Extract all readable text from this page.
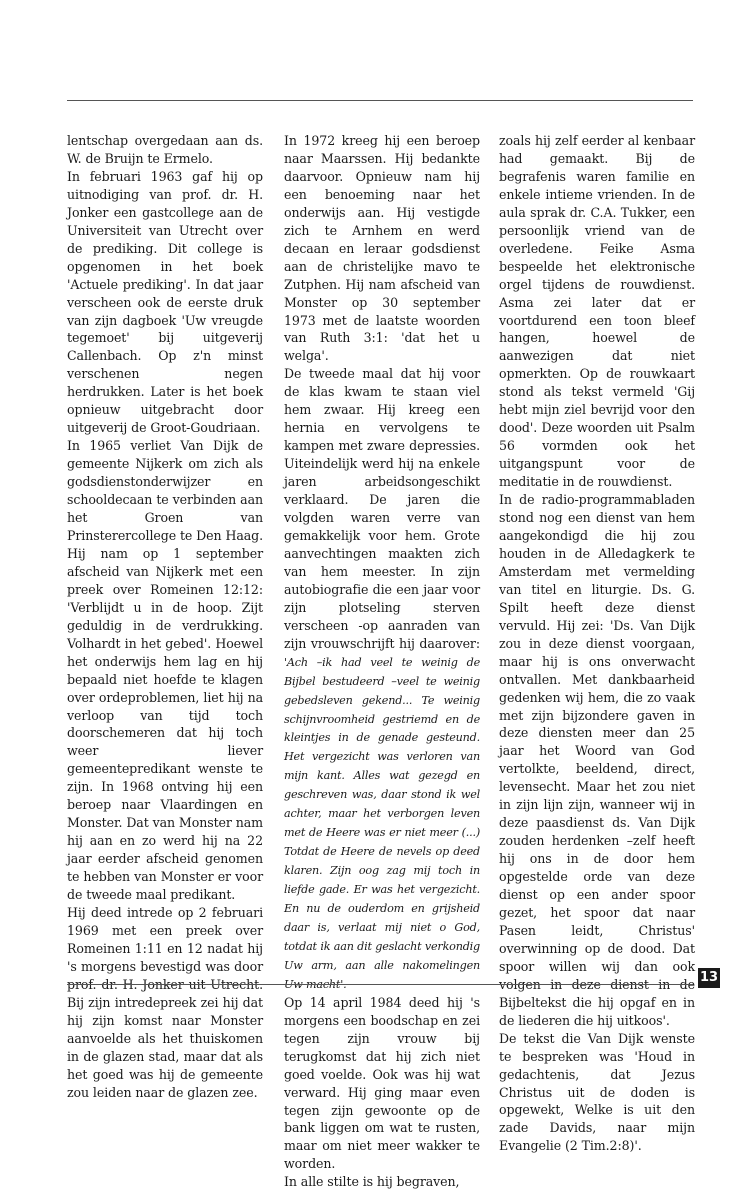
lentschap overgedaan aan ds. W. de Bruijn te Ermelo.

In februari 1963 gaf hij op uitnodiging van prof. dr. H. Jonker een gastcollege aan de Universiteit van Utrecht over de prediking. Dit college is opgenomen in het boek 'Actuele prediking'. In dat jaar verscheen ook de eerste druk van zijn dagboek 'Uw vreugde tegemoet' bij uitgeverij Callenbach. Op z'n minst verschenen negen herdrukken. Later is het boek opnieuw uitgebracht door uitgeverij de Groot-Goudriaan.

In 1965 verliet Van Dijk de gemeente Nijkerk om zich als godsdienstonderwijzer en schooldecaan te verbinden aan het Groen van Prinsterercollege te Den Haag. Hij nam op 1 september afscheid van Nijkerk met een preek over Romeinen 12:12: 'Verblijdt u in de hoop. Zijt geduldig in de verdrukking. Volhardt in het gebed'. Hoewel het onderwijs hem lag en hij bepaald niet hoefde te klagen over ordeproblemen, liet hij na verloop van tijd toch doorschemeren dat hij toch weer liever gemeentepredikant wenste te zijn. In 1968 ontving hij een beroep naar Vlaardingen en Monster. Dat van Monster nam hij aan en zo werd hij na 22 jaar eerder afscheid genomen te hebben van Monster er voor de tweede maal predikant.

Hij deed intrede op 2 februari 1969 met een preek over Romeinen 1:11 en 12 nadat hij 's morgens bevestigd was door prof. dr. H. Jonker uit Utrecht. Bij zijn intredepreek zei hij dat hij zijn komst naar Monster aanvoelde als het thuiskomen in de glazen stad, maar dat als het goed was hij de gemeente zou leiden naar de glazen zee.

In 1972 kreeg hij een beroep naar Maarssen. Hij bedankte daarvoor. Opnieuw nam hij een benoeming naar het onderwijs aan. Hij vestigde zich te Arnhem en werd decaan en leraar godsdienst aan de christelijke mavo te Zutphen. Hij nam afscheid van Monster op 30 september 1973 met de laatste woorden van Ruth 3:1: 'dat het u welga'.

De tweede maal dat hij voor de klas kwam te staan viel hem zwaar. Hij kreeg een hernia en vervolgens te kampen met zware depressies. Uiteindelijk werd hij na enkele jaren arbeidsongeschikt verklaard. De jaren die volgden waren verre van gemakkelijk voor hem. Grote aanvechtingen maakten zich van hem meester. In zijn autobiografie die een jaar voor zijn plotseling sterven verscheen -op aanraden van zijn vrouwschrijft hij daarover: 'Ach –ik had veel te weinig de Bijbel bestudeerd –veel te weinig gebedsleven gekend... Te weinig schijnvroomheid gestriemd en de kleintjes in de genade gesteund. Het vergezicht was verloren van mijn kant. Alles wat gezegd en geschreven was, daar stond ik wel achter, maar het verborgen leven met de Heere was er niet meer (...) Totdat de Heere de nevels op deed klaren. Zijn oog zag mij toch in liefde gade. Er was het vergezicht. En nu de ouderdom en grijsheid daar is, verlaat mij niet o God, totdat ik aan dit geslacht verkondig Uw arm, aan alle nakomelingen Uw macht'.

Op 14 april 1984 deed hij 's morgens een boodschap en zei tegen zijn vrouw bij terugkomst dat hij zich niet goed voelde. Ook was hij wat verward. Hij ging maar even tegen zijn gewoonte op de bank liggen om wat te rusten, maar om niet meer wakker te worden.

In alle stilte is hij begraven,

zoals hij zelf eerder al kenbaar had gemaakt. Bij de begrafenis waren familie en enkele intieme vrienden. In de aula sprak dr. C.A. Tukker, een persoonlijk vriend van de overledene. Feike Asma bespeelde het elektronische orgel tijdens de rouwdienst. Asma zei later dat er voortdurend een toon bleef hangen, hoewel de aanwezigen dat niet opmerkten. Op de rouwkaart stond als tekst vermeld 'Gij hebt mijn ziel bevrijd voor den dood'. Deze woorden uit Psalm 56 vormden ook het uitgangspunt voor de meditatie in de rouwdienst.

In de radio-programmabladen stond nog een dienst van hem aangekondigd die hij zou houden in de Alledagkerk te Amsterdam met vermelding van titel en liturgie. Ds. G. Spilt heeft deze dienst vervuld. Hij zei: 'Ds. Van Dijk zou in deze dienst voorgaan, maar hij is ons onverwacht ontvallen. Met dankbaarheid gedenken wij hem, die zo vaak met zijn bijzondere gaven in deze diensten meer dan 25 jaar het Woord van God vertolkte, beeldend, direct, levensecht. Maar het zou niet in zijn lijn zijn, wanneer wij in deze paasdienst ds. Van Dijk zouden herdenken –zelf heeft hij ons in de door hem opgestelde orde van deze dienst op een ander spoor gezet, het spoor dat naar Pasen leidt, Christus' overwinning op de dood. Dat spoor willen wij dan ook volgen in deze dienst in de Bijbeltekst die hij opgaf en in de liederen die hij uitkoos'.

De tekst die Van Dijk wenste te bespreken was 'Houd in gedachtenis, dat Jezus Christus uit de doden is opgewekt, Welke is uit den zade Davids, naar mijn Evangelie (2 Tim.2:8)'.

13
